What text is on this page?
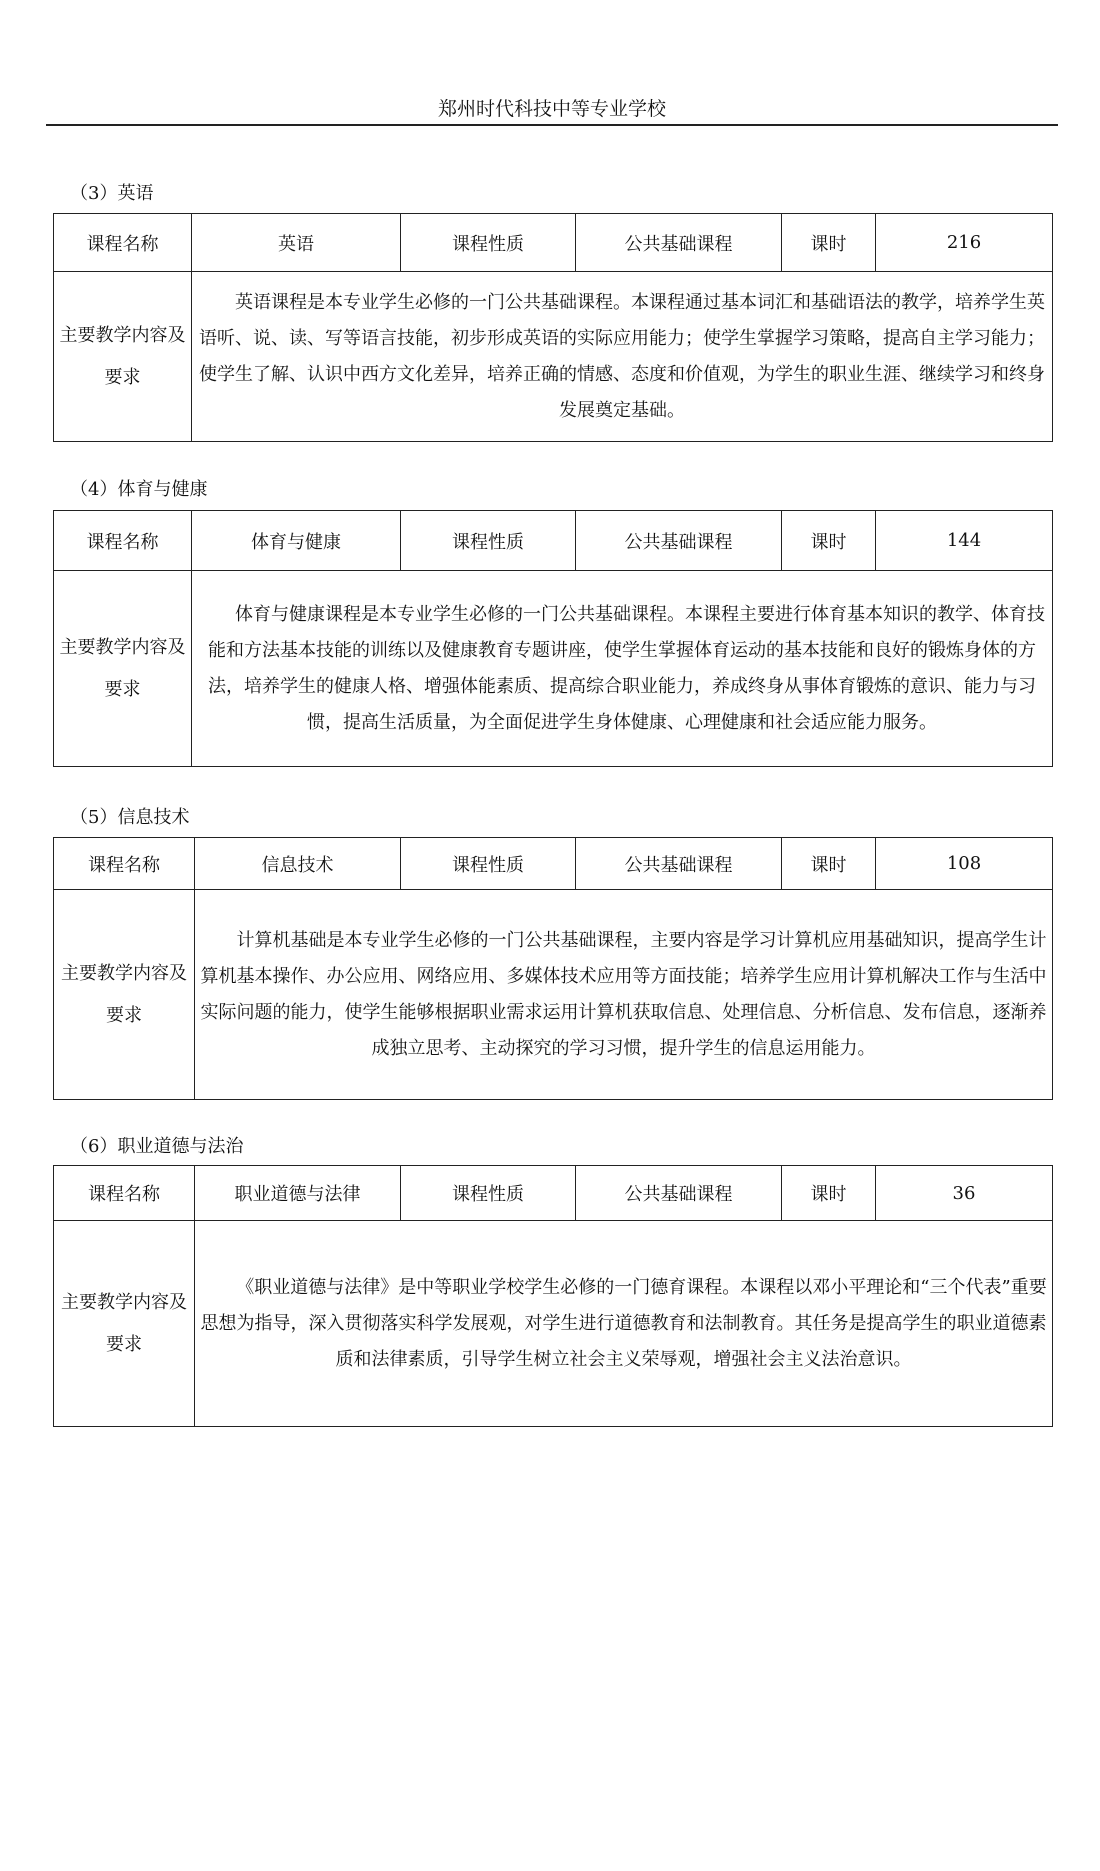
郑州时代科技中等专业学校
（3）英语
课程名称	英语	课程性质	公共基础课程	课时	216
主要教学内容及要求	英语课程是本专业学生必修的一门公共基础课程。本课程通过基本词汇和基础语法的教学，培养学生英语听、说、读、写等语言技能，初步形成英语的实际应用能力；使学生掌握学习策略，提高自主学习能力；使学生了解、认识中西方文化差异，培养正确的情感、态度和价值观，为学生的职业生涯、继续学习和终身发展奠定基础。				
（4）体育与健康
课程名称	体育与健康	课程性质	公共基础课程	课时	144
主要教学内容及要求	体育与健康课程是本专业学生必修的一门公共基础课程。本课程主要进行体育基本知识的教学、体育技能和方法基本技能的训练以及健康教育专题讲座，使学生掌握体育运动的基本技能和良好的锻炼身体的方法，培养学生的健康人格、增强体能素质、提高综合职业能力，养成终身从事体育锻炼的意识、能力与习惯，提高生活质量，为全面促进学生身体健康、心理健康和社会适应能力服务。				
（5）信息技术
课程名称	信息技术	课程性质	公共基础课程	课时	108
主要教学内容及要求	计算机基础是本专业学生必修的一门公共基础课程，主要内容是学习计算机应用基础知识，提高学生计算机基本操作、办公应用、网络应用、多媒体技术应用等方面技能；培养学生应用计算机解决工作与生活中实际问题的能力，使学生能够根据职业需求运用计算机获取信息、处理信息、分析信息、发布信息，逐渐养成独立思考、主动探究的学习习惯，提升学生的信息运用能力。				
（6）职业道德与法治
课程名称	职业道德与法律	课程性质	公共基础课程	课时	36
主要教学内容及要求	《职业道德与法律》是中等职业学校学生必修的一门德育课程。本课程以邓小平理论和“三个代表”重要思想为指导，深入贯彻落实科学发展观，对学生进行道德教育和法制教育。其任务是提高学生的职业道德素质和法律素质，引导学生树立社会主义荣辱观，增强社会主义法治意识。				
